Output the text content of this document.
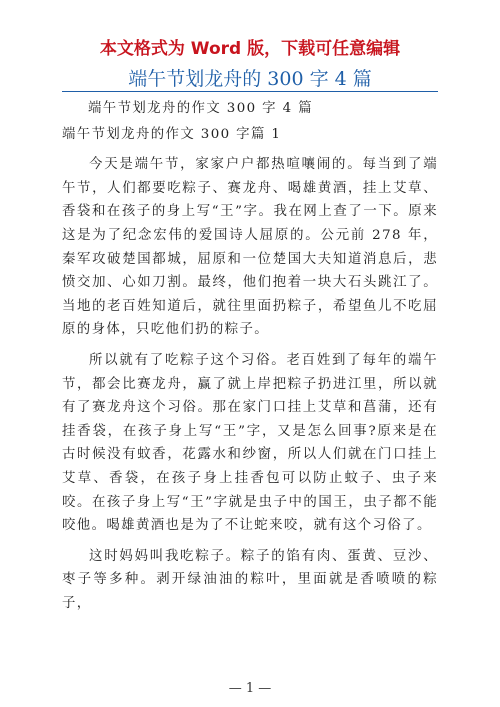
本文格式为 Word 版，下载可任意编辑
端午节划龙舟的 300 字 4 篇

端午节划龙舟的作文 300 字 4 篇

端午节划龙舟的作文 300 字篇 1

今天是端午节，家家户户都热喧嚷闹的。每当到了端午节，人们都要吃粽子、赛龙舟、喝雄黄酒，挂上艾草、香袋和在孩子的身上写“王”字。我在网上查了一下。原来这是为了纪念宏伟的爱国诗人屈原的。公元前 278 年，秦军攻破楚国都城，屈原和一位楚国大夫知道消息后，悲愤交加、心如刀割。最终，他们抱着一块大石头跳江了。当地的老百姓知道后，就往里面扔粽子，希望鱼儿不吃屈原的身体，只吃他们扔的粽子。

所以就有了吃粽子这个习俗。老百姓到了每年的端午节，都会比赛龙舟，赢了就上岸把粽子扔进江里，所以就有了赛龙舟这个习俗。那在家门口挂上艾草和菖蒲，还有挂香袋，在孩子身上写“王”字，又是怎么回事?原来是在古时候没有蚊香，花露水和纱窗，所以人们就在门口挂上艾草、香袋，在孩子身上挂香包可以防止蚊子、虫子来咬。在孩子身上写“王”字就是虫子中的国王，虫子都不能咬他。喝雄黄酒也是为了不让蛇来咬，就有这个习俗了。

这时妈妈叫我吃粽子。粽子的馅有肉、蛋黄、豆沙、枣子等多种。剥开绿油油的粽叶，里面就是香喷喷的粽子，

— 1 —
